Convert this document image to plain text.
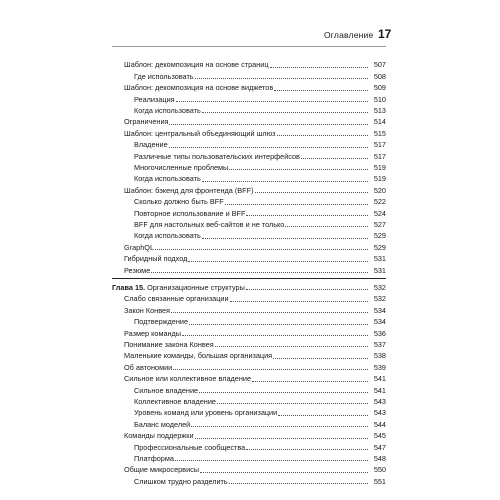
Оглавление 17
Шаблон: декомпозиция на основе страниц	507
Где использовать	508
Шаблон: декомпозиция на основе виджетов	509
Реализация	510
Когда использовать	513
Ограничения	514
Шаблон: центральный объединяющий шлюз	515
Владение	517
Различные типы пользовательских интерфейсов	517
Многочисленные проблемы	519
Когда использовать	519
Шаблон: бэкенд для фронтенда (BFF)	520
Сколько должно быть BFF	522
Повторное использование и BFF	524
BFF для настольных веб-сайтов и не только	527
Когда использовать	529
GraphQL	529
Гибридный подход	531
Резюме	531
Глава 15. Организационные структуры	532
Слабо связанные организации	532
Закон Конвея	534
Подтверждение	534
Размер команды	536
Понимание закона Конвея	537
Маленькие команды, большая организация	538
Об автономии	539
Сильное или коллективное владение	541
Сильное владение	541
Коллективное владение	543
Уровень команд или уровень организации	543
Баланс моделей	544
Команды поддержки	545
Профессиональные сообщества	547
Платформа	548
Общие микросервисы	550
Слишком трудно разделить	551
